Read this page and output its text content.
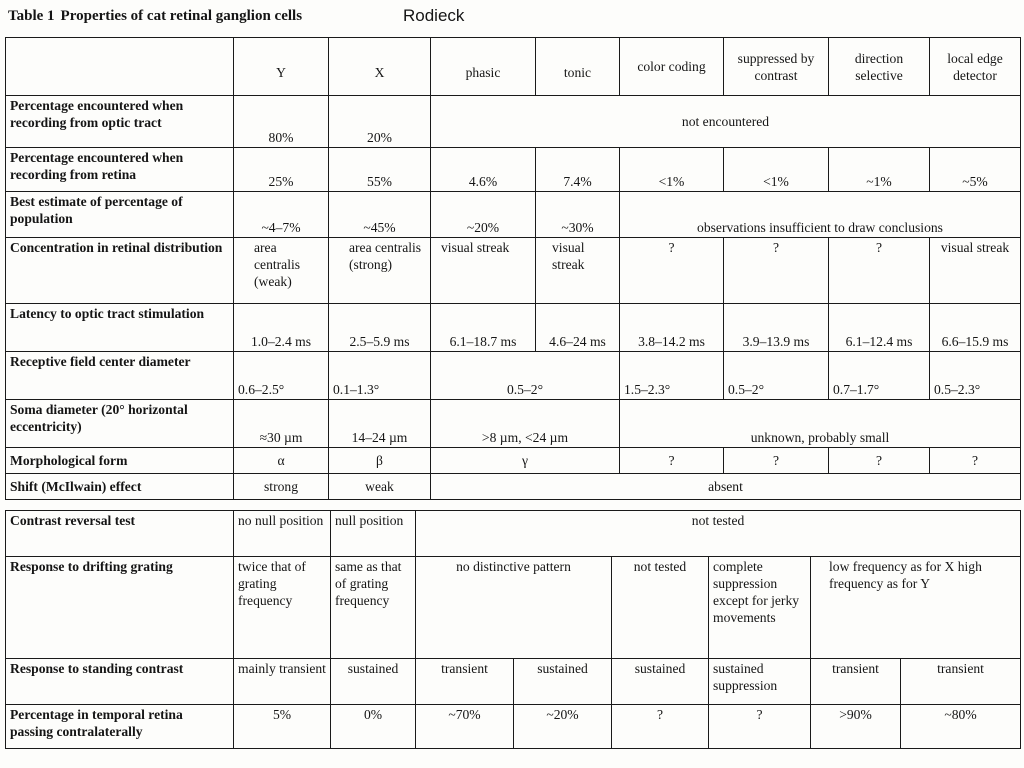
Table 1 Properties of cat retinal ganglion cells	Rodieck
	Y	X	phasic	tonic	color coding	suppressed by contrast	direction selective	local edge detector
Percentage encountered when recording from optic tract	80%	20%	not encountered					
Percentage encountered when recording from retina	25%	55%	4.6%	7.4%	<1%	<1%	~1%	~5%
Best estimate of percentage of population	~4–7%	~45%	~20%	~30%	observations insufficient to draw conclusions			
Concentration in retinal distribution	area centralis (weak)	area centralis (strong)	visual streak	visual streak	?	?	?	visual streak
Latency to optic tract stimulation	1.0–2.4 ms	2.5–5.9 ms	6.1–18.7 ms	4.6–24 ms	3.8–14.2 ms	3.9–13.9 ms	6.1–12.4 ms	6.6–15.9 ms
Receptive field center diameter	0.6–2.5°	0.1–1.3°	0.5–2°		1.5–2.3°	0.5–2°	0.7–1.7°	0.5–2.3°
Soma diameter (20° horizontal eccentricity)	≈30 µm	14–24 µm	>8 µm, <24 µm		unknown, probably small			
Morphological form	α	β	γ		?	?	?	?
Shift (McIlwain) effect	strong	weak	absent					
Contrast reversal test	no null position	null position	not tested					
Response to drifting grating	twice that of grating frequency	same as that of grating frequency	no distinctive pattern		not tested	complete suppression except for jerky movements	low frequency as for X high frequency as for Y	
Response to standing contrast	mainly transient	sustained	transient	sustained	sustained	sustained suppression	transient	transient
Percentage in temporal retina passing contralaterally	5%	0%	~70%	~20%	?	?	>90%	~80%
